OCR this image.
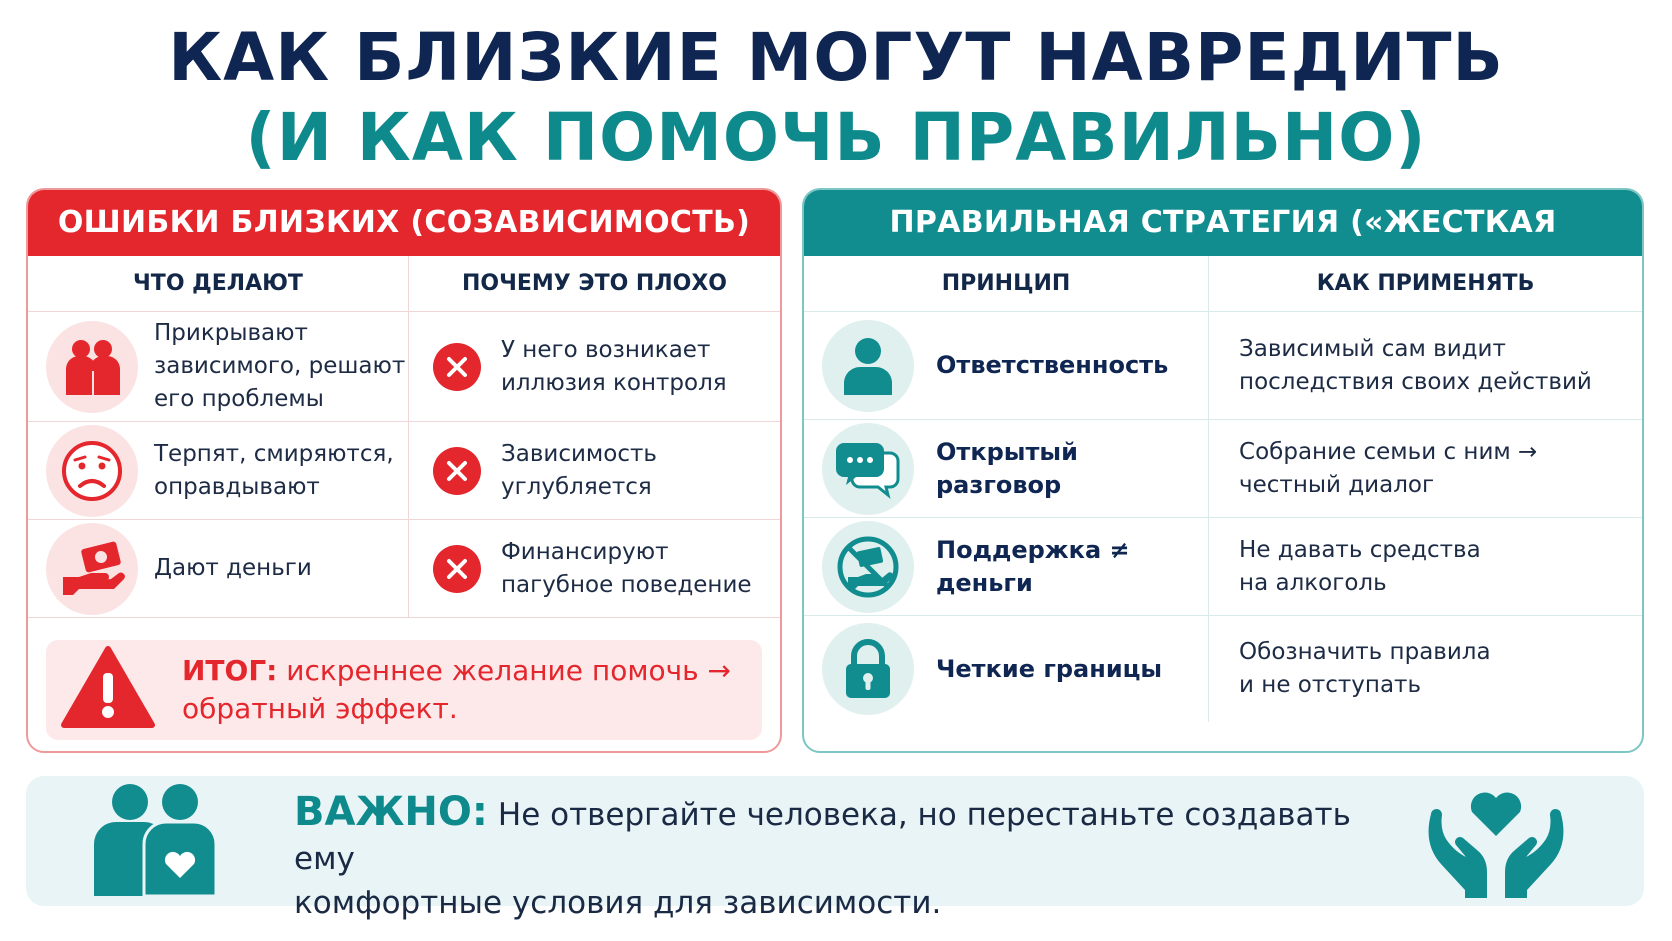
КАК БЛИЗКИЕ МОГУТ НАВРЕДИТЬ
(И КАК ПОМОЧЬ ПРАВИЛЬНО)
ОШИБКИ БЛИЗКИХ (СОЗАВИСИМОСТЬ)
ЧТО ДЕЛАЮТ	ПОЧЕМУ ЭТО ПЛОХО
Прикрывают
зависимого, решают
его проблемы
У него возникает
иллюзия контроля
Терпят, смиряются,
оправдывают
Зависимость
углубляется
Дают деньги
Финансируют
пагубное поведение
ИТОГ: искреннее желание помочь →
обратный эффект.
ПРАВИЛЬНАЯ СТРАТЕГИЯ («ЖЕСТКАЯ ЛЮБОВЬ»)
ПРИНЦИП	КАК ПРИМЕНЯТЬ
Ответственность
Зависимый сам видит
последствия своих действий
Открытый разговор
Собрание семьи с ним →
честный диалог
Поддержка ≠ деньги
Не давать средства
на алкоголь
Четкие границы
Обозначить правила
и не отступать
ВАЖНО: Не отвергайте человека, но перестаньте создавать ему
комфортные условия для зависимости.
